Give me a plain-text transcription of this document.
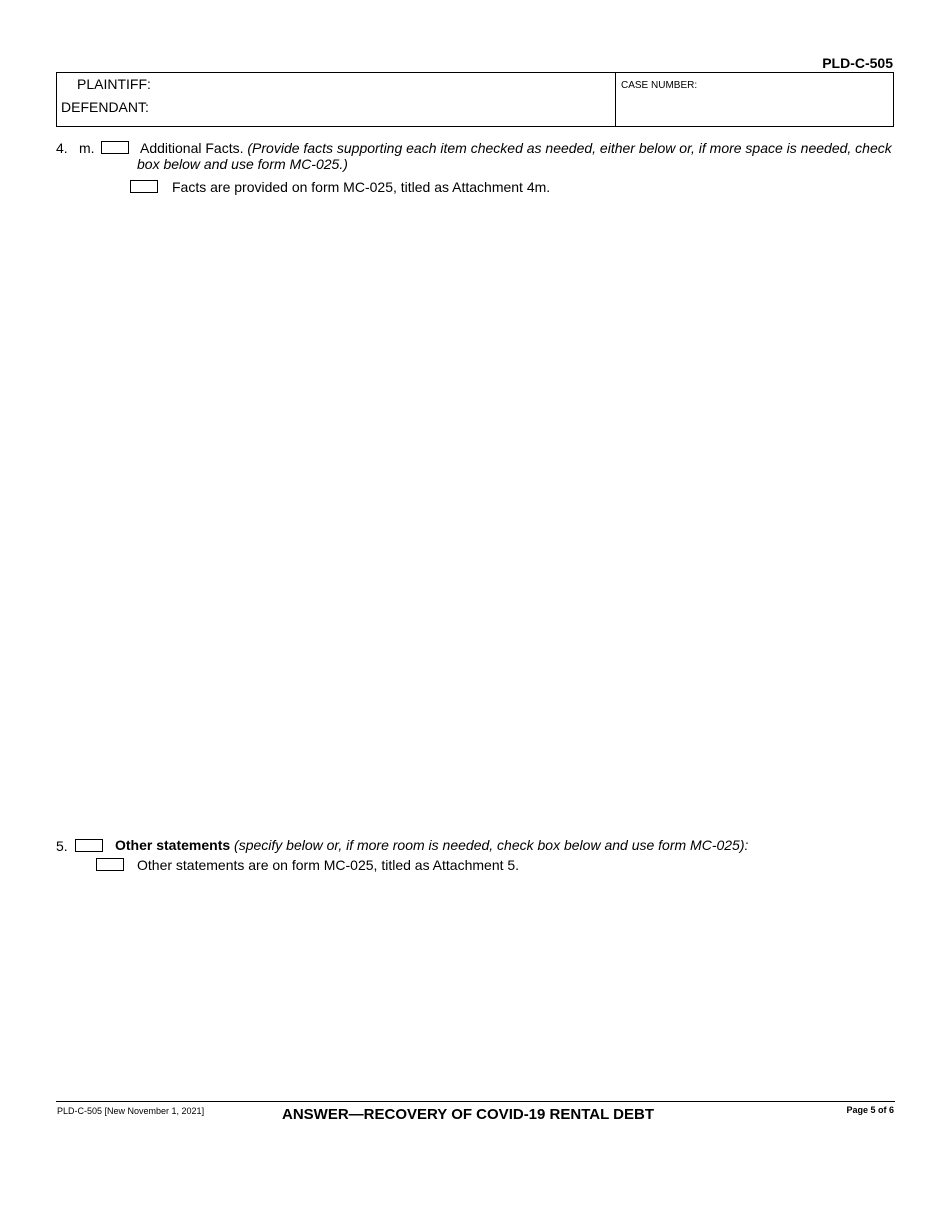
PLD-C-505
PLAINTIFF:
DEFENDANT:
CASE NUMBER:
4. m.	Additional Facts. (Provide facts supporting each item checked as needed, either below or, if more space is needed, check
box below and use form MC-025.)
Facts are provided on form MC-025, titled as Attachment 4m.
5.	Other statements (specify below or, if more room is needed, check box below and use form MC-025):
Other statements are on form MC-025, titled as Attachment 5.
PLD-C-505 [New November 1, 2021]	ANSWER—RECOVERY OF COVID-19 RENTAL DEBT	Page 5 of 6
